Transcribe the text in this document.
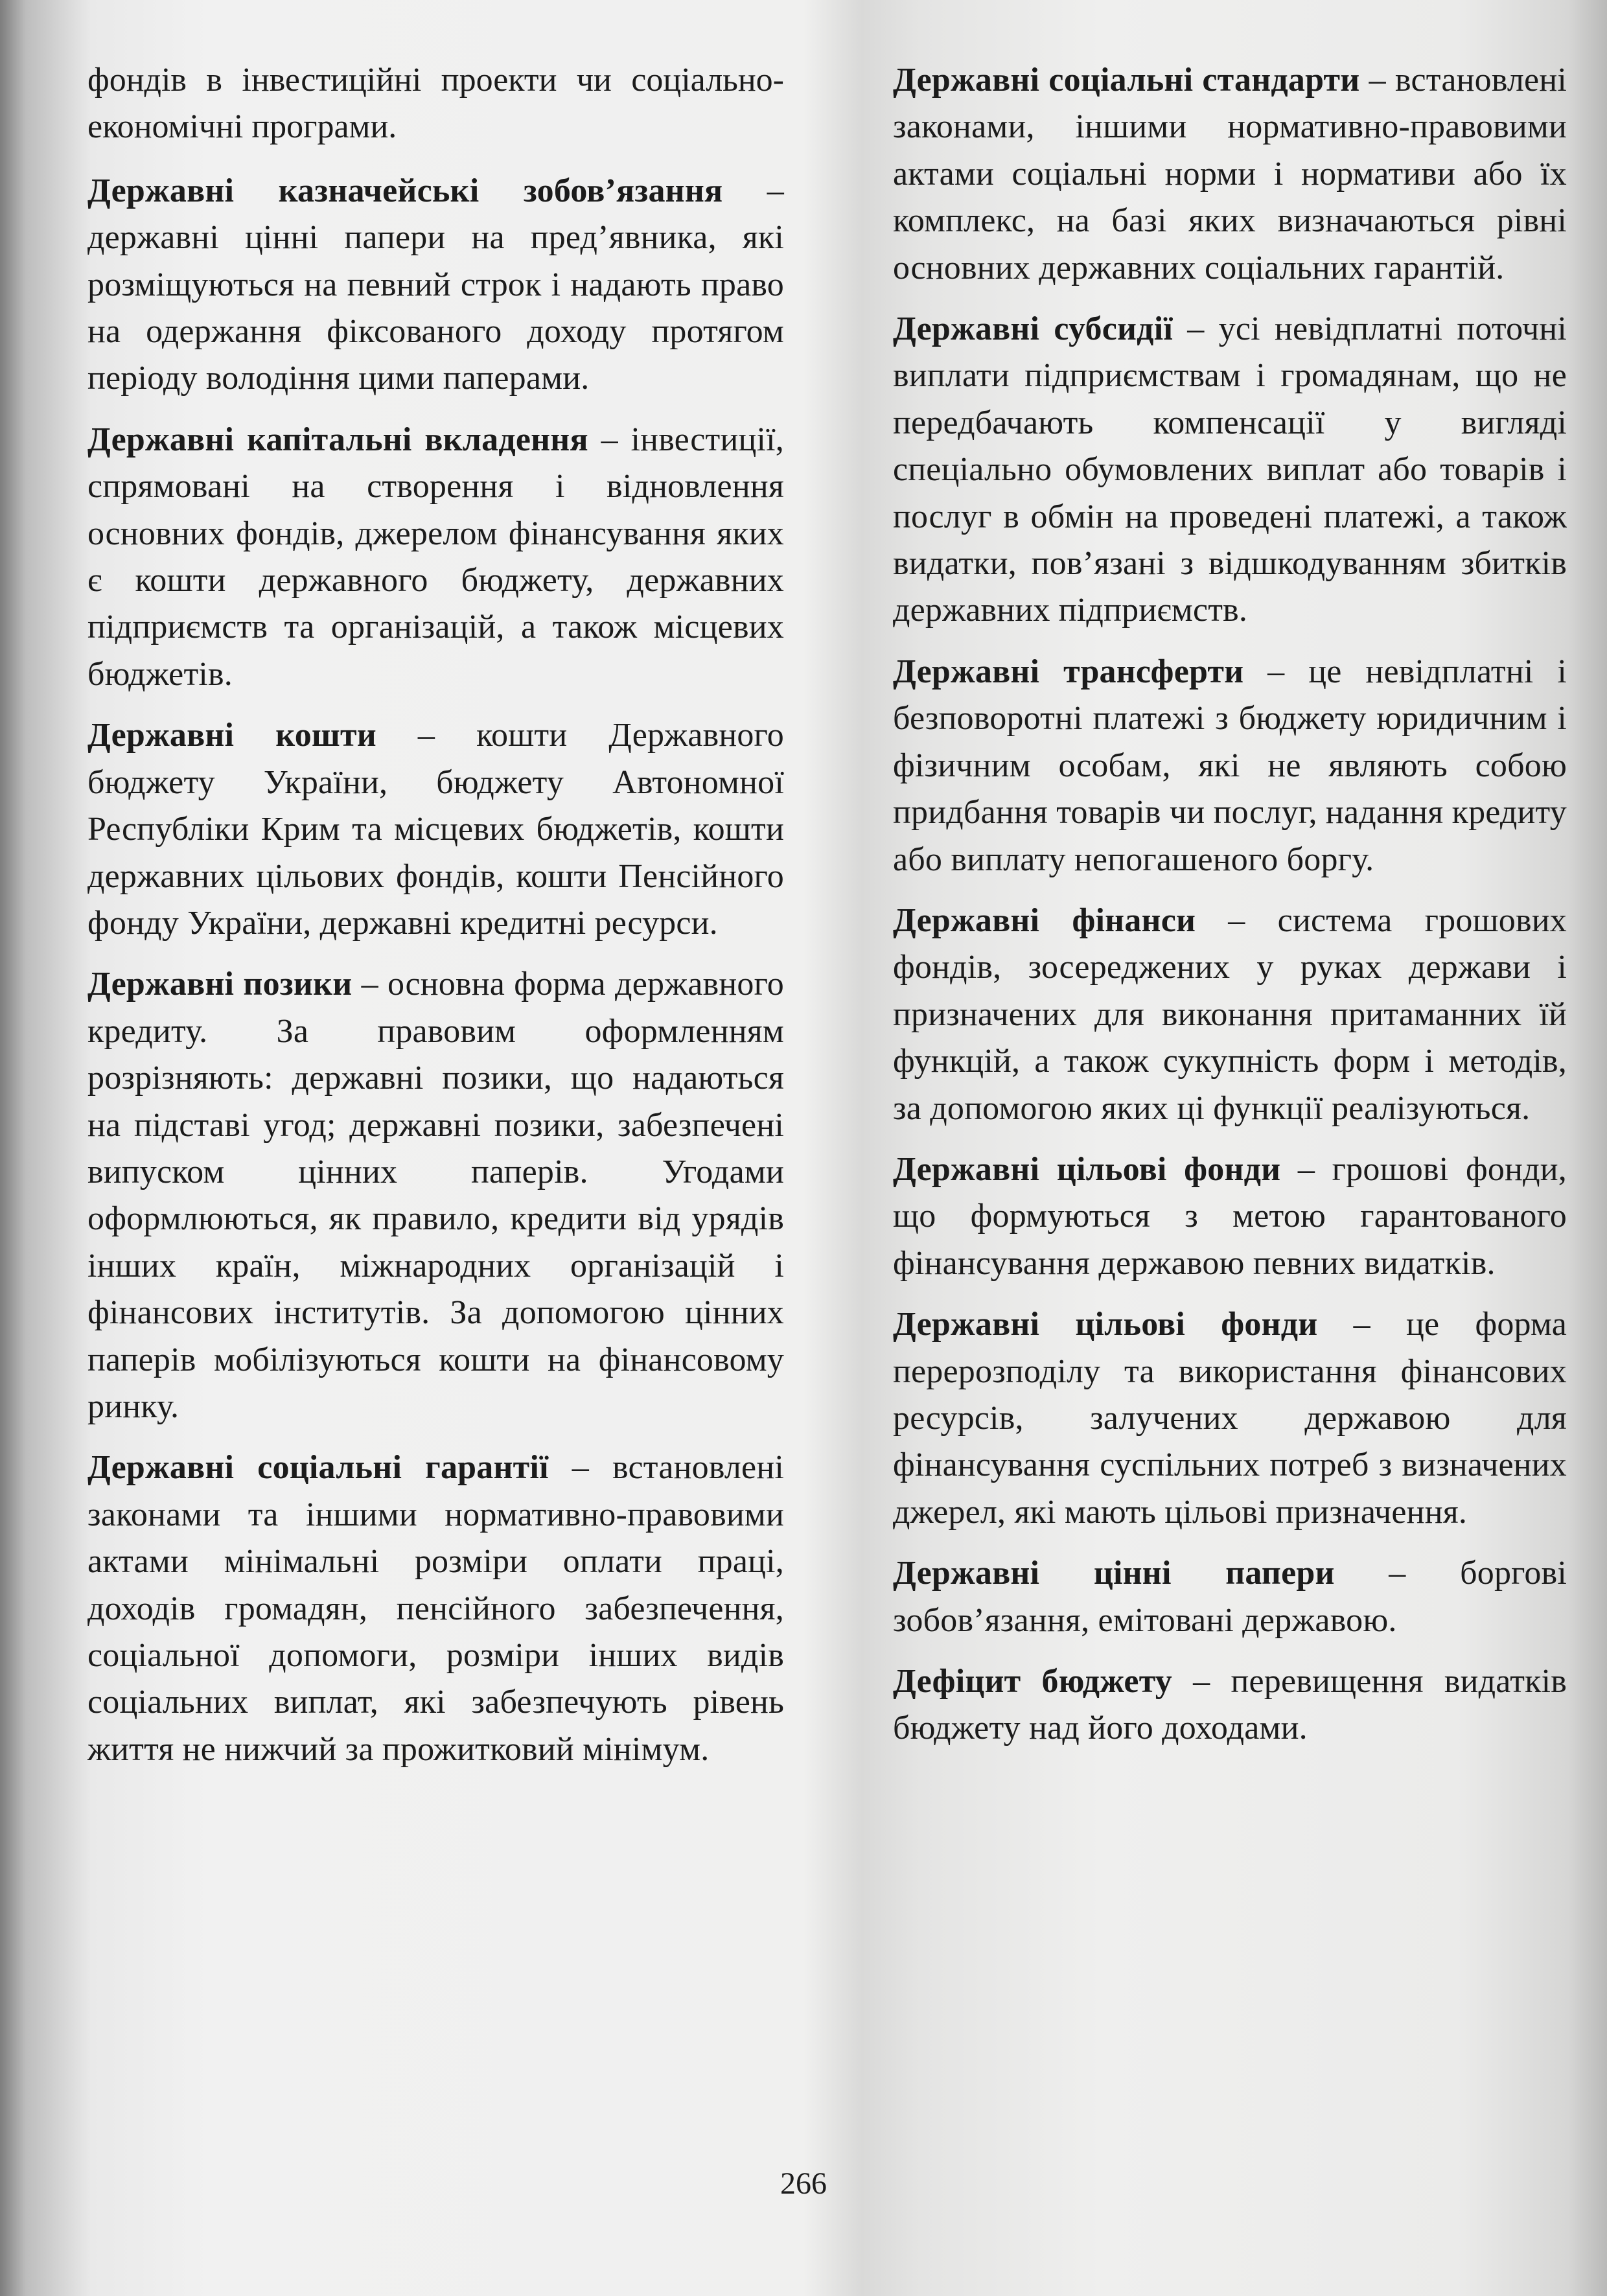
фондів в інвестиційні проекти чи соціально-економічні програми.

Державні казначейські зобов’язання – державні цінні папери на пред’явника, які розміщуються на певний строк і надають право на одержання фіксованого доходу протягом періоду володіння цими паперами.

Державні капітальні вкладення – інвестиції, спрямовані на створення і відновлення основних фондів, джерелом фінансування яких є кошти державного бюджету, державних підприємств та організацій, а також місцевих бюджетів.

Державні кошти – кошти Державного бюджету України, бюджету Автономної Республіки Крим та місцевих бюджетів, кошти державних цільових фондів, кошти Пенсійного фонду України, державні кредитні ресурси.

Державні позики – основна форма державного кредиту. За правовим оформленням розрізняють: державні позики, що надаються на підставі угод; державні позики, забезпечені випуском цінних паперів. Угодами оформлюються, як правило, кредити від урядів інших країн, міжнародних організацій і фінансових інститутів. За допомогою цінних паперів мобілізуються кошти на фінансовому ринку.

Державні соціальні гарантії – встановлені законами та іншими нормативно-правовими актами мінімальні розміри оплати праці, доходів громадян, пенсійного забезпечення, соціальної допомоги, розміри інших видів соціальних виплат, які забезпечують рівень життя не нижчий за прожитковий мінімум.

Державні соціальні стандарти – встановлені законами, іншими нормативно-правовими актами соціальні норми і нормативи або їх комплекс, на базі яких визначаються рівні основних державних соціальних гарантій.

Державні субсидії – усі невідплатні поточні виплати підприємствам і громадянам, що не передбачають компенсації у вигляді спеціально обумовлених виплат або товарів і послуг в обмін на проведені платежі, а також видатки, пов’язані з відшкодуванням збитків державних підприємств.

Державні трансферти – це невідплатні і безповоротні платежі з бюджету юридичним і фізичним особам, які не являють собою придбання товарів чи послуг, надання кредиту або виплату непогашеного боргу.

Державні фінанси – система грошових фондів, зосереджених у руках держави і призначених для виконання притаманних їй функцій, а також сукупність форм і методів, за допомогою яких ці функції реалізуються.

Державні цільові фонди – грошові фонди, що формуються з метою гарантованого фінансування державою певних видатків.

Державні цільові фонди – це форма перерозподілу та використання фінансових ресурсів, залучених державою для фінансування суспільних потреб з визначених джерел, які мають цільові призначення.

Державні цінні папери – боргові зобов’язання, емітовані державою.

Дефіцит бюджету – перевищення видатків бюджету над його доходами.

266
